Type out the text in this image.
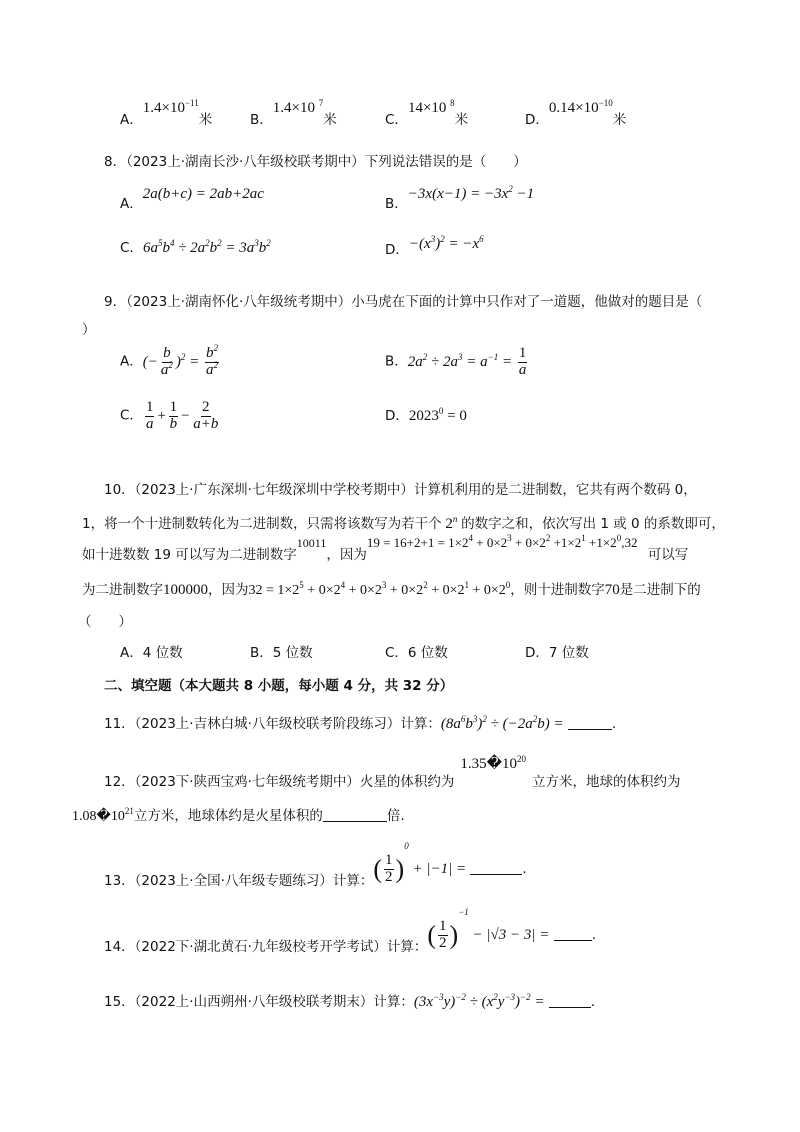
A．$1.4\times 10^{-11}$米	B．1.4×10 $^7$米	C．14×10 $^8$米	D．$0.14\times 10^{-10}$米
8．（2023上·湖南长沙·八年级校联考期中）下列说法错误的是（　　）
A．2a(b+c) = 2ab+2ac
B．$-3x(x-1) = -3x^2 -1$
C．$6a^5b^4 \div 2a^2b^2 = 3a^3b^2$	D．$-(x^3)^2 = -x^6$
9．（2023上·湖南怀化·八年级统考期中）小马虎在下面的计算中只作对了一道题，他做对的题目是（
）
A．(− $\frac{b}{a^2} )^2 = \frac{b^2}{a^2}$	B．$2a^2 \div 2a^3 = a^{-1} = \frac{1}{a}$
C． $\frac{1}{a} + \frac{1}{b} - \frac{2}{a+b}$	D．$2023^0 = 0$
10．（2023上·广东深圳·七年级深圳中学校考期中）计算机利用的是二进制数，它共有两个数码 0，
1，将一个十进制数转化为二进制数，只需将该数写为若干个 2$^n$ 的数字之和，依次写出 1 或 0 的系数即可，
如十进数数 19 可以写为二进制数字10011，因为$19 = 16+2+1 = 1\times 2^4 + 0\times 2^3 + 0\times 2^2 +1\times 2^1 +1\times 2^0,32$ 可以写
为二进制数字100000，因为$32 = 1\times 2^5 + 0\times 2^4 + 0\times 2^3 + 0\times 2^2 + 0\times 2^1 + 0\times 2^0$，则十进制数字70是二进制下的
（　　）
A．4 位数	B．5 位数	C．6 位数	D．7 位数
二、填空题（本大题共 8 小题，每小题 4 分，共 32 分）
11．（2023上·吉林白城·八年级校联考阶段练习）计算：$(8a^6b^3)^2 \div (-2a^2b)$ =	.
12．（2023下·陕西宝鸡·七年级统考期中）火星的体积约为$1.35�10^{20}$立方米，地球的体积约为
$1.08�10^{21}$立方米，地球体约是火星体积的	倍.
13．（2023上·全国·八年级专题练习）计算：( $\frac{1}{2} )^0 + |-1|$ =	.
14．（2022下·湖北黄石·九年级校考开学考试）计算：( $\frac{1}{2} )^{-1} - |√3 - 3|$ =	.
15．（2022上·山西朔州·八年级校联考期末）计算：$(3x^{-3}y)^{-2} \div (x^2y^{-3})^{-2}$ =	.
